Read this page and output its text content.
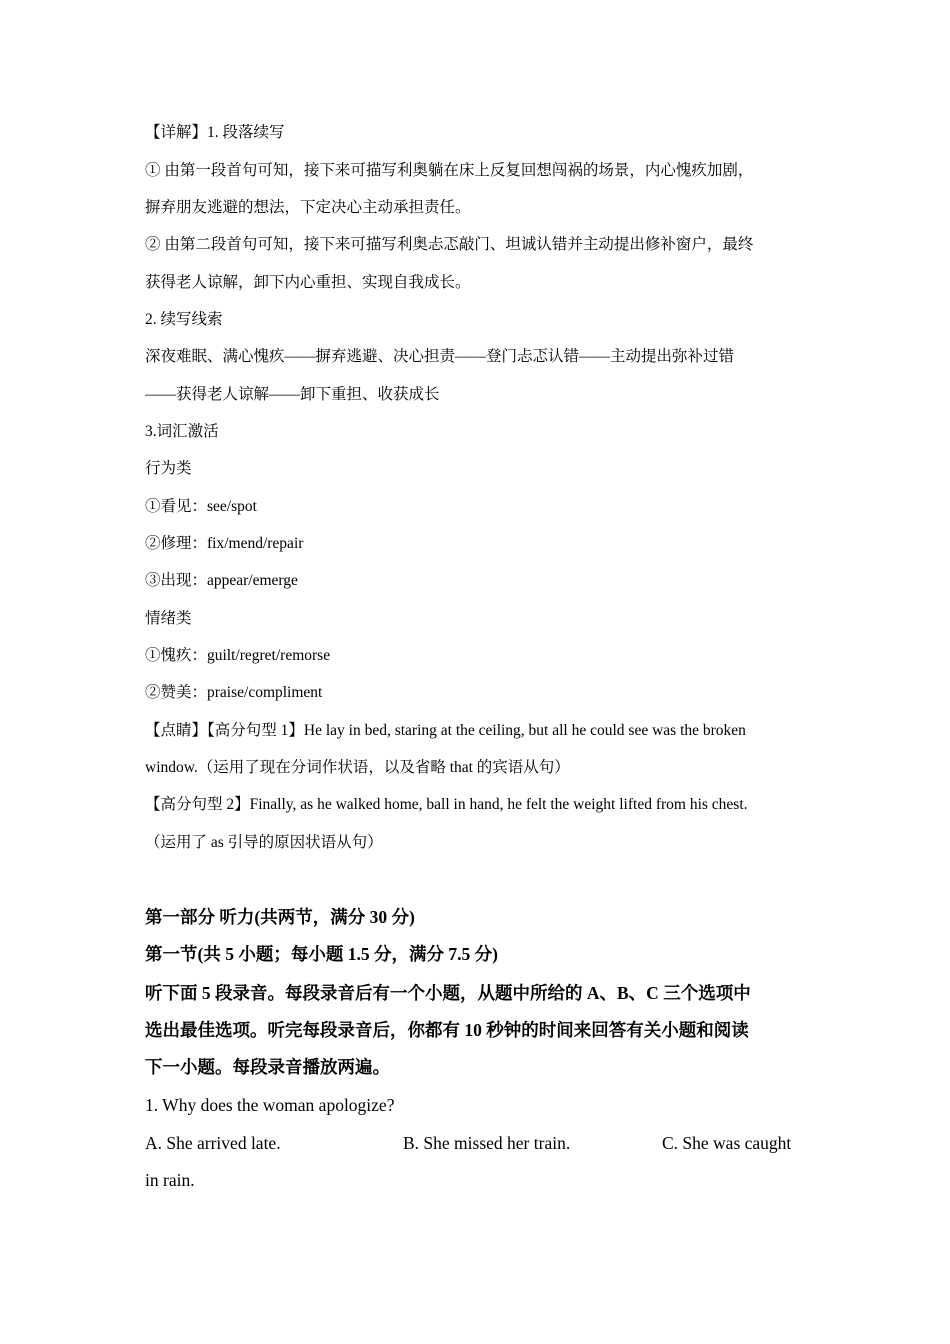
【详解】1. 段落续写
① 由第一段首句可知，接下来可描写利奥躺在床上反复回想闯祸的场景，内心愧疚加剧，
摒弃朋友逃避的想法，下定决心主动承担责任。
② 由第二段首句可知，接下来可描写利奥忐忑敲门、坦诚认错并主动提出修补窗户，最终
获得老人谅解，卸下内心重担、实现自我成长。
2. 续写线索
深夜难眠、满心愧疚——摒弃逃避、决心担责——登门忐忑认错——主动提出弥补过错
——获得老人谅解——卸下重担、收获成长
3.词汇激活
行为类
①看见：see/spot
②修理：fix/mend/repair
③出现：appear/emerge
情绪类
①愧疚：guilt/regret/remorse
②赞美：praise/compliment
【点睛】【高分句型 1】He lay in bed, staring at the ceiling, but all he could see was the broken
window.（运用了现在分词作状语，以及省略 that 的宾语从句）
【高分句型 2】Finally, as he walked home, ball in hand, he felt the weight lifted from his chest.
（运用了 as 引导的原因状语从句）
第一部分 听力(共两节，满分 30 分)
第一节(共 5 小题；每小题 1.5 分，满分 7.5 分)
听下面 5 段录音。每段录音后有一个小题，从题中所给的 A、B、C 三个选项中
选出最佳选项。听完每段录音后，你都有 10 秒钟的时间来回答有关小题和阅读
下一小题。每段录音播放两遍。
1. Why does the woman apologize?
A. She arrived late.	B. She missed her train.	C. She was caught
in rain.
